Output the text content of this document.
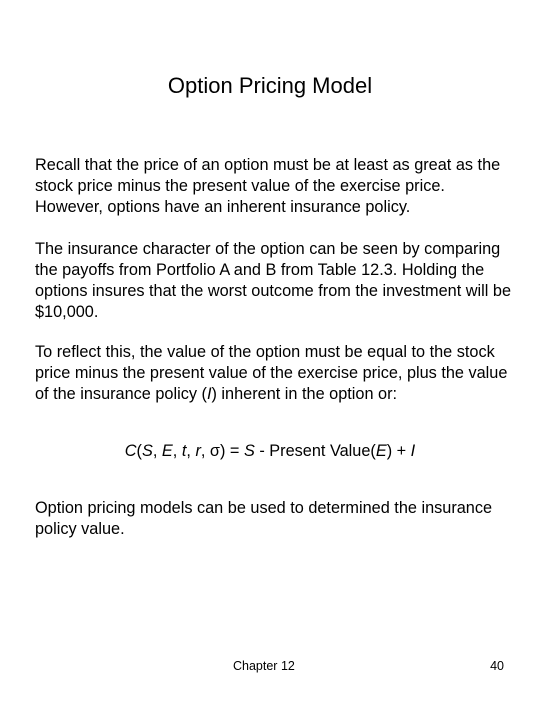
Option Pricing Model

Recall that the price of an option must be at least as great as the stock price minus the present value of the exercise price. However, options have an inherent insurance policy.

The insurance character of the option can be seen by comparing the payoffs from Portfolio A and B from Table 12.3. Holding the options insures that the worst outcome from the investment will be $10,000.

To reflect this, the value of the option must be equal to the stock price minus the present value of the exercise price, plus the value of the insurance policy (I) inherent in the option or:

C(S, E, t, r, σ) = S - Present Value(E) + I

Option pricing models can be used to determined the insurance policy value.

Chapter 12	40
